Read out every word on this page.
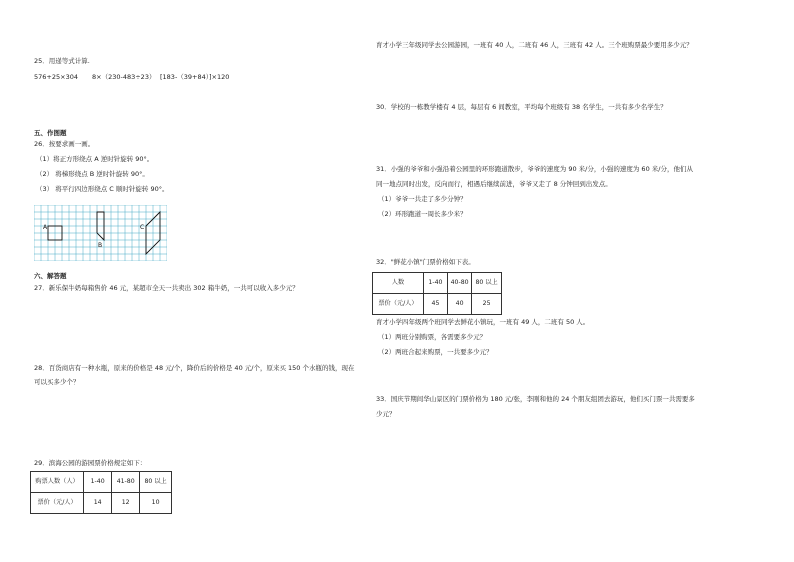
25．用递等式计算.
576+25×304 8×（230-483÷23） [183-（39+84）]×120
五、作图题
26．按要求画一画。
（1）将正方形绕点 A 逆时针旋转 90°。
（2） 将梯形绕点 B 逆时针旋转 90°。
（3） 将平行四边形绕点 C 顺时针旋转 90°。
A
B
C
六、解答题
27．新乐保牛奶每箱售价 46 元，某超市全天一共卖出 302 箱牛奶，一共可以收入多少元？
28．百货商店有一种水瓶，原来的价格是 48 元/个，降价后的价格是 40 元/个，原来买 150 个水瓶的钱，现在
可以买多少个？
29．滨海公园的游园票价格规定如下：
购票人数（人）	1-40	41-80	80 以上
票价（元/人）	14	12	10
育才小学三年级同学去公园游园，一班有 40 人，二班有 46 人，三班有 42 人。三个班购票最少要用多少元？
30．学校的一栋教学楼有 4 层，每层有 6 间教室，平均每个班级有 38 名学生，一共有多少名学生？
31．小强的爷爷和小强沿着公园里的环形跑道散步，爷爷的速度为 90 米/分，小强的速度为 60 米/分，他们从
同一地点同时出发，反向而行，相遇后继续前进，爷爷又走了 8 分钟回到出发点。
（1）爷爷一共走了多少分钟？
（2）环形跑道一周长多少米？
32．"鲜花小镇"门票价格如下表。
人数	1-40	40-80	80 以上
票价（元/人）	45	40	25
育才小学四年级两个班同学去鲜花小镇玩，一班有 49 人，二班有 50 人。
（1）两班分别购票，各需要多少元？
（2）两班合起来购票，一共要多少元？
33．国庆节期间华山景区的门票价格为 180 元/张，李刚和他的 24 个朋友组团去游玩，他们买门票一共需要多
少元？
